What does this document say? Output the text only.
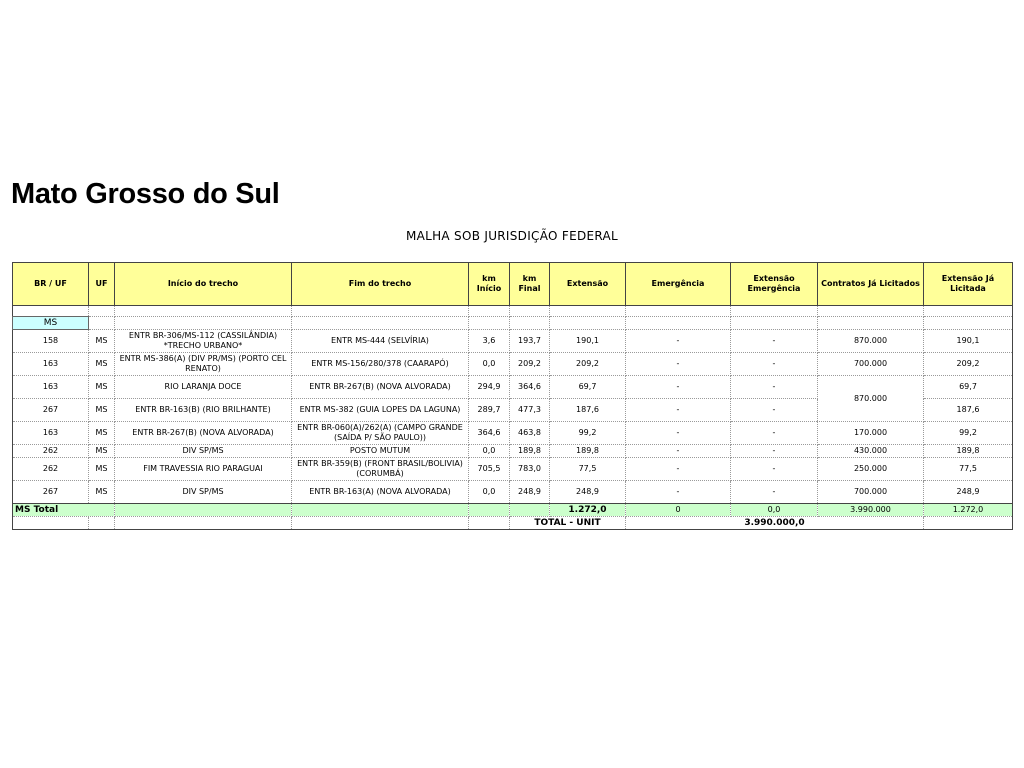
Mato Grosso do Sul
MALHA SOB JURISDIÇÃO FEDERAL
BR / UF	UF	Início do trecho	Fim do trecho	km Início	km Final	Extensão	Emergência	Extensão Emergência	Contratos Já Licitados	Extensão Já Licitada

MS										
158	MS	ENTR BR-306/MS-112 (CASSILÂNDIA) *TRECHO URBANO*	ENTR MS-444 (SELVÍRIA)	3,6	193,7	190,1	-	-	870.000	190,1
163	MS	ENTR MS-386(A) (DIV PR/MS) (PORTO CEL RENATO)	ENTR MS-156/280/378 (CAARAPÓ)	0,0	209,2	209,2	-	-	700.000	209,2
163	MS	RIO LARANJA DOCE	ENTR BR-267(B) (NOVA ALVORADA)	294,9	364,6	69,7	-	-	870.000	69,7
267	MS	ENTR BR-163(B) (RIO BRILHANTE)	ENTR MS-382 (GUIA LOPES DA LAGUNA)	289,7	477,3	187,6	-	-		187,6
163	MS	ENTR BR-267(B) (NOVA ALVORADA)	ENTR BR-060(A)/262(A) (CAMPO GRANDE (SAÍDA P/ SÃO PAULO))	364,6	463,8	99,2	-	-	170.000	99,2
262	MS	DIV SP/MS	POSTO MUTUM	0,0	189,8	189,8	-	-	430.000	189,8
262	MS	FIM TRAVESSIA RIO PARAGUAI	ENTR BR-359(B) (FRONT BRASIL/BOLIVIA) (CORUMBÁ)	705,5	783,0	77,5	-	-	250.000	77,5
267	MS	DIV SP/MS	ENTR BR-163(A) (NOVA ALVORADA)	0,0	248,9	248,9	-	-	700.000	248,9
MS Total						1.272,0	0	0,0	3.990.000	1.272,0
					TOTAL - UNIT		3.990.000,0			
